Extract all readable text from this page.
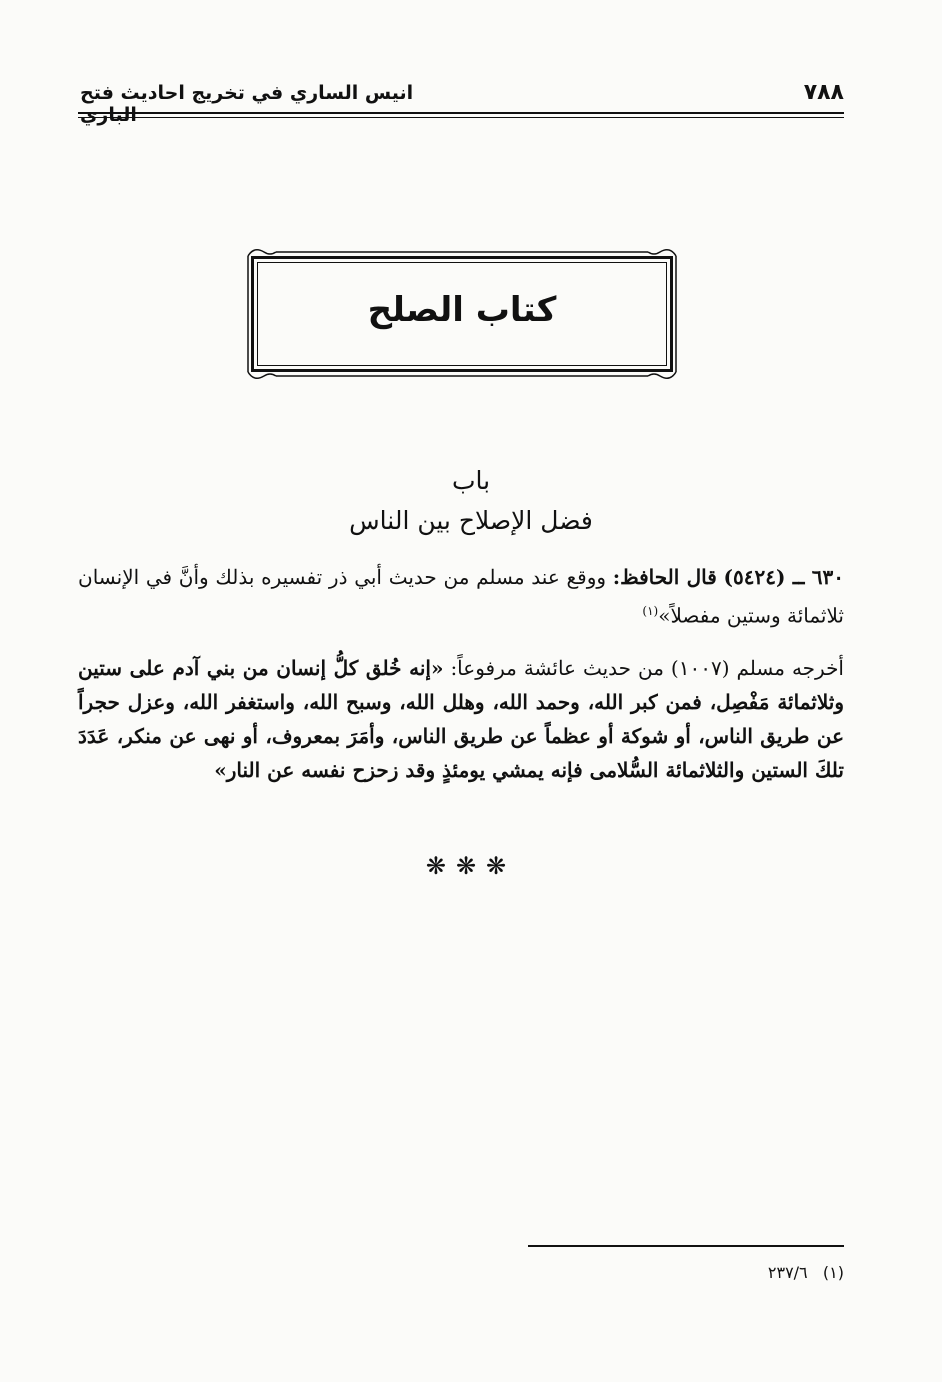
انيس الساري في تخريج احاديث فتح الباري
٧٨٨
كتاب الصلح
باب
فضل الإصلاح بين الناس
٦٣٠ ــ (٥٤٢٤) قال الحافظ: ووقع عند مسلم من حديث أبي ذر تفسيره بذلك وأنَّ في الإنسان ثلاثمائة وستين مفصلاً»$^{(١)}$
أخرجه مسلم (١٠٠٧) من حديث عائشة مرفوعاً: «إنه خُلق كلُّ إنسان من بني آدم على ستين وثلاثمائة مَفْصِل، فمن كبر الله، وحمد الله، وهلل الله، وسبح الله، واستغفر الله، وعزل حجراً عن طريق الناس، أو شوكة أو عظماً عن طريق الناس، وأمَرَ بمعروف، أو نهى عن منكر، عَدَدَ تلكَ الستين والثلاثمائة السُّلامى فإنه يمشي يومئذٍ وقد زحزح نفسه عن النار»
❋❋❋
(١)   ٢٣٧/٦
